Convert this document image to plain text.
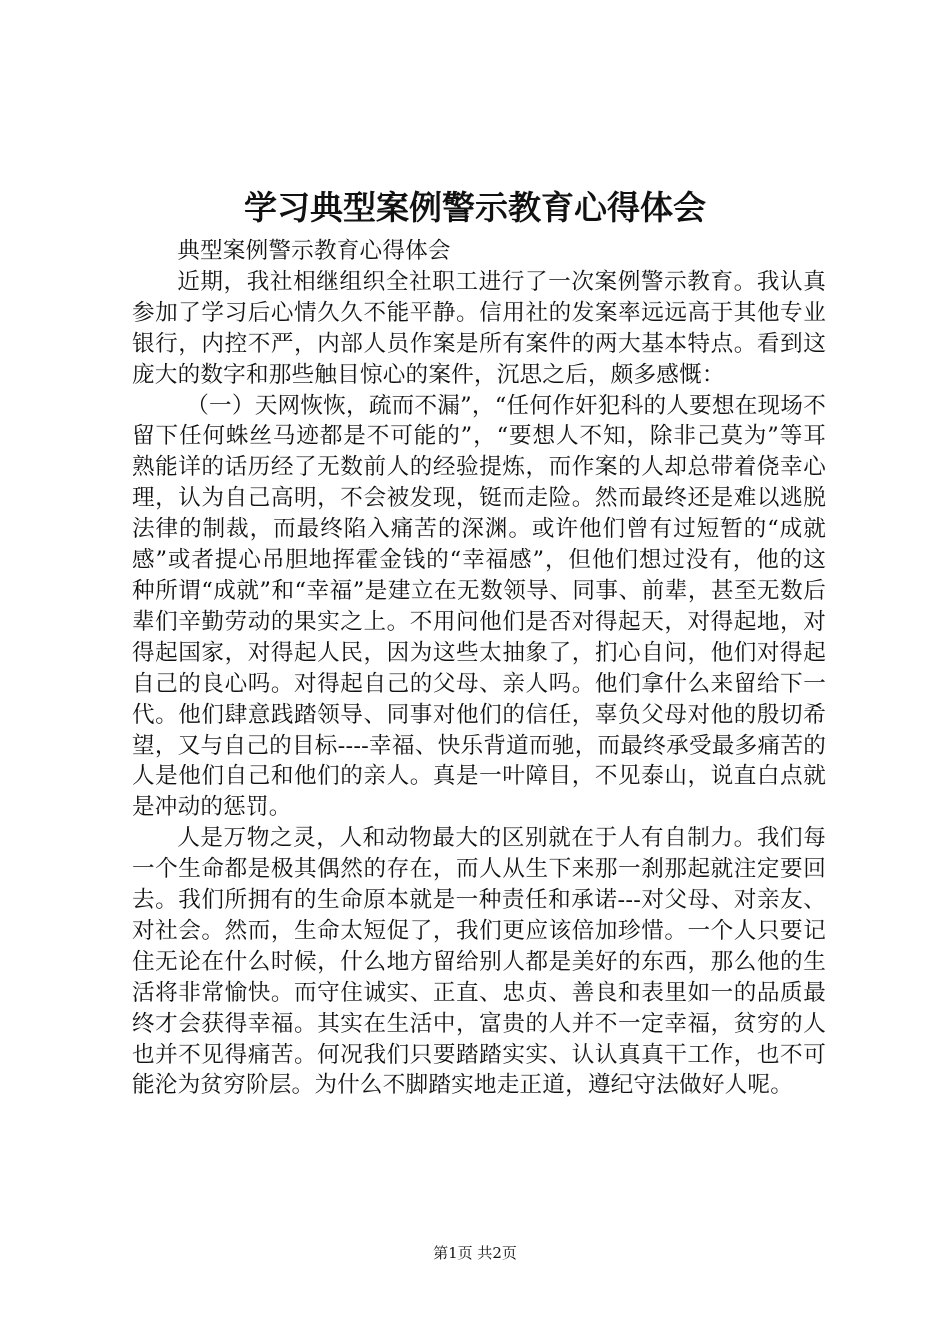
学习典型案例警示教育心得体会

典型案例警示教育心得体会

近期，我社相继组织全社职工进行了一次案例警示教育。我认真参加了学习后心情久久不能平静。信用社的发案率远远高于其他专业银行，内控不严，内部人员作案是所有案件的两大基本特点。看到这庞大的数字和那些触目惊心的案件，沉思之后，颇多感慨：

（一）天网恢恢，疏而不漏”，“任何作奸犯科的人要想在现场不留下任何蛛丝马迹都是不可能的”，“要想人不知，除非己莫为”等耳熟能详的话历经了无数前人的经验提炼，而作案的人却总带着侥幸心理，认为自己高明，不会被发现，铤而走险。然而最终还是难以逃脱法律的制裁，而最终陷入痛苦的深渊。或许他们曾有过短暂的“成就感”或者提心吊胆地挥霍金钱的“幸福感”，但他们想过没有，他的这种所谓“成就”和“幸福”是建立在无数领导、同事、前辈，甚至无数后辈们辛勤劳动的果实之上。不用问他们是否对得起天，对得起地，对得起国家，对得起人民，因为这些太抽象了，扪心自问，他们对得起自己的良心吗。对得起自己的父母、亲人吗。他们拿什么来留给下一代。他们肆意践踏领导、同事对他们的信任，辜负父母对他的殷切希望，又与自己的目标----幸福、快乐背道而驰，而最终承受最多痛苦的人是他们自己和他们的亲人。真是一叶障目，不见泰山，说直白点就是冲动的惩罚。

人是万物之灵，人和动物最大的区别就在于人有自制力。我们每一个生命都是极其偶然的存在，而人从生下来那一刹那起就注定要回去。我们所拥有的生命原本就是一种责任和承诺---对父母、对亲友、对社会。然而，生命太短促了，我们更应该倍加珍惜。一个人只要记住无论在什么时候，什么地方留给别人都是美好的东西，那么他的生活将非常愉快。而守住诚实、正直、忠贞、善良和表里如一的品质最终才会获得幸福。其实在生活中，富贵的人并不一定幸福，贫穷的人也并不见得痛苦。何况我们只要踏踏实实、认认真真干工作，也不可能沦为贫穷阶层。为什么不脚踏实地走正道，遵纪守法做好人呢。

第1页 共2页
